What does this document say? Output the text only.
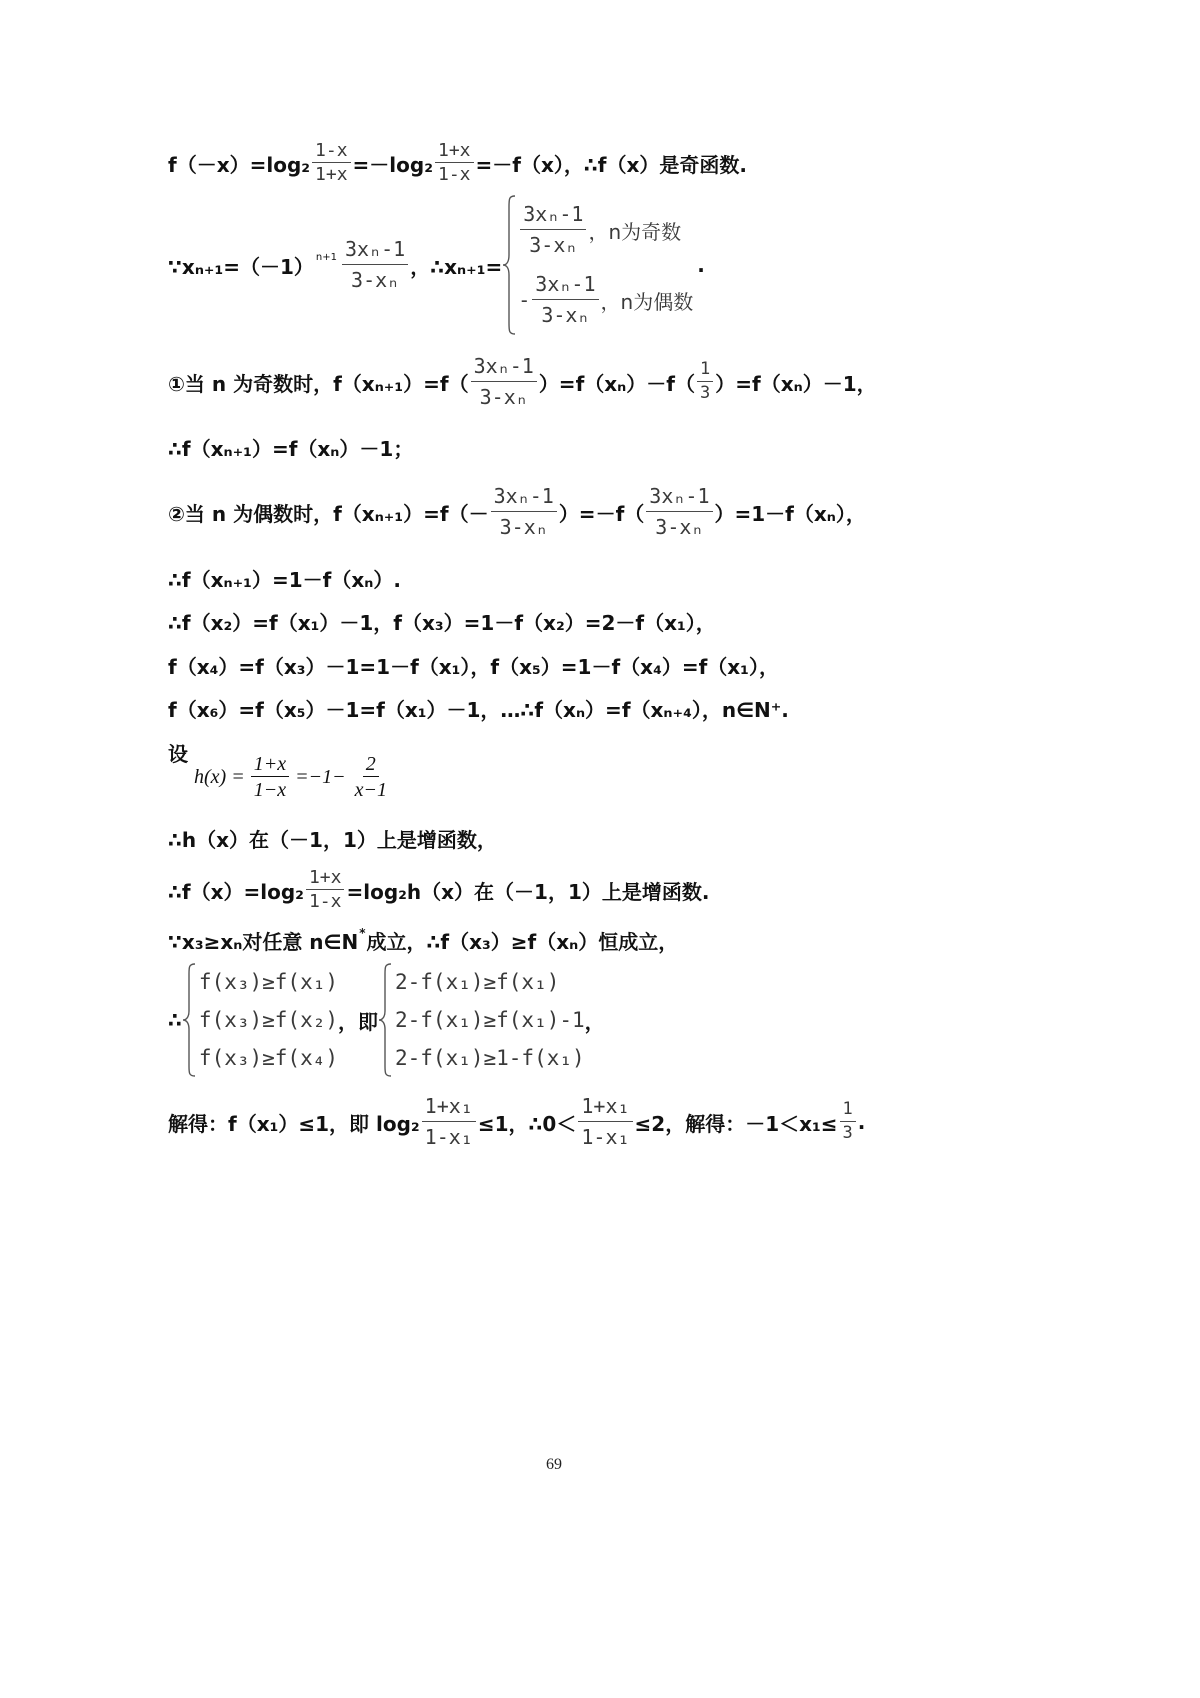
$f(-x)=\log_2 \frac{1-x}{1+x} =-\log_2 \frac{1+x}{1-x} =-f(x)$，∴f（x）是奇函数.
∵xₙ₊₁=（－1） $n+1 \frac{\text{3xₙ-1}}{\text{3-xₙ}}$ ，∴xₙ₊₁=
$\frac{\text{3xₙ-1}}{\text{3-xₙ}}$ ，n为奇数
- $\frac{\text{3xₙ-1}}{\text{3-xₙ}}$ ，n为偶数
.
①当 n 为奇数时，$f(x_{n+1})=f( \frac{\text{3xₙ-1}}{\text{3-xₙ}} )=f(x_n)-f( \frac{1}{3} )=f(x_n)-1$，
∴f（xₙ₊₁）=f（xₙ）－1；
②当 n 为偶数时，$f(x_{n+1})=f(- \frac{\text{3xₙ-1}}{\text{3-xₙ}} )=-f( \frac{\text{3xₙ-1}}{\text{3-xₙ}} )=1-f(x_n)$，
∴f（xₙ₊₁）=1－f（xₙ）.
∴f（x₂）=f（x₁）－1，f（x₃）=1－f（x₂）=2－f（x₁），
f（x₄）=f（x₃）－1=1－f（x₁），f（x₅）=1－f（x₄）=f（x₁），
f（x₆）=f（x₅）－1=f（x₁）－1，…∴f（xₙ）=f（xₙ₊₄），n∈N⁺.
设
$h(x) = \frac{1+x}{1-x} =-1- \frac{2}{x-1}$
∴h（x）在（－1，1）上是增函数，
∴f（x）=log₂ $\frac{1+x}{1-x} =\log_2h(x)$在（－1，1）上是增函数.
∵x₃≥xₙ对任意 n∈N * 成立，∴f（x₃）≥f（xₙ）恒成立，
∴
f(x₃)≥f(x₁)
f(x₃)≥f(x₂)
f(x₃)≥f(x₄)
，即
2-f(x₁)≥f(x₁)
2-f(x₁)≥f(x₁)-1
2-f(x₁)≥1-f(x₁)
，
解得：f（x₁）≤1，即 $\log_2 \frac{\text{1+x₁}}{\text{1-x₁}} \le 1$，∴0＜ $\frac{\text{1+x₁}}{\text{1-x₁}} \le 2$，解得：$-1<x_1\le \frac{1}{3}$ .
69
